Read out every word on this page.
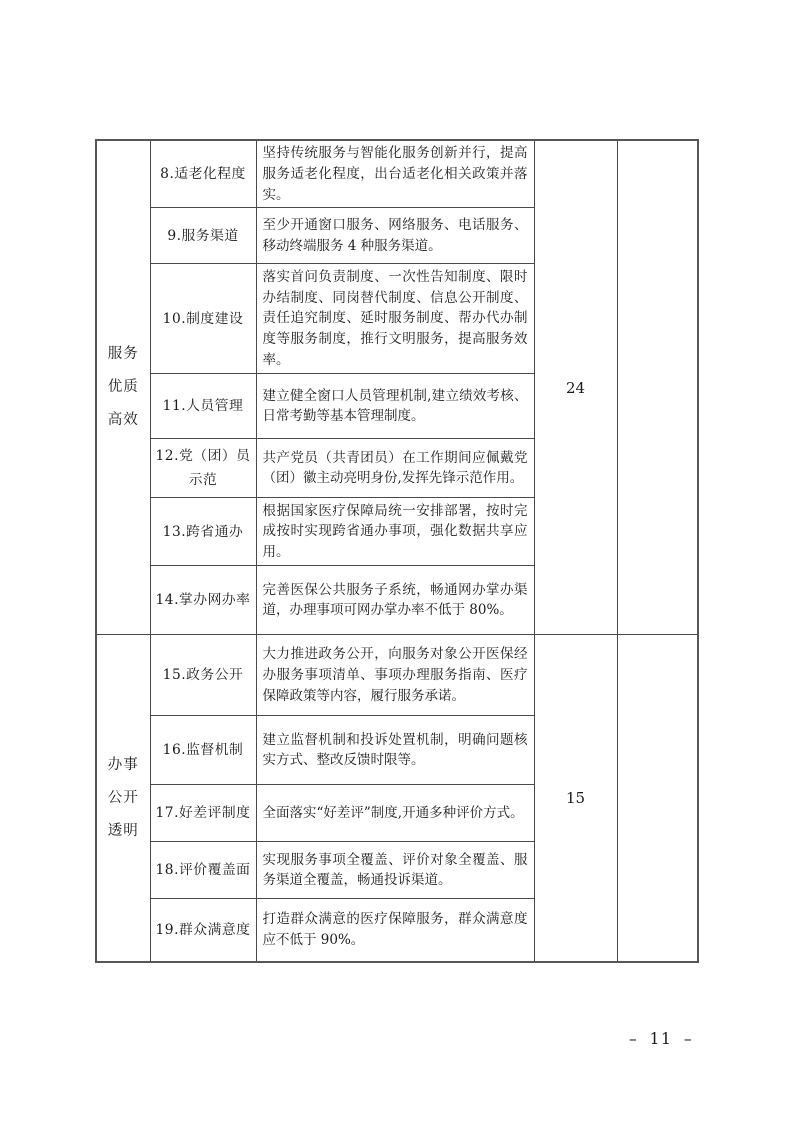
服务优质高效	8.适老化程度	坚持传统服务与智能化服务创新并行，提高服务适老化程度，出台适老化相关政策并落实。	24	
	9.服务渠道	至少开通窗口服务、网络服务、电话服务、移动终端服务 4 种服务渠道。		
	10.制度建设	落实首问负责制度、一次性告知制度、限时办结制度、同岗替代制度、信息公开制度、责任追究制度、延时服务制度、帮办代办制度等服务制度，推行文明服务，提高服务效率。		
	11.人员管理	建立健全窗口人员管理机制,建立绩效考核、日常考勤等基本管理制度。		
	12.党（团）员示范	共产党员（共青团员）在工作期间应佩戴党（团）徽主动亮明身份,发挥先锋示范作用。		
	13.跨省通办	根据国家医疗保障局统一安排部署，按时完成按时实现跨省通办事项，强化数据共享应用。		
	14.掌办网办率	完善医保公共服务子系统，畅通网办掌办渠道，办理事项可网办掌办率不低于 80%。		

办事公开透明	15.政务公开	大力推进政务公开，向服务对象公开医保经办服务事项清单、事项办理服务指南、医疗保障政策等内容，履行服务承诺。	15	
	16.监督机制	建立监督机制和投诉处置机制，明确问题核实方式、整改反馈时限等。		
	17.好差评制度	全面落实“好差评”制度,开通多种评价方式。		
	18.评价覆盖面	实现服务事项全覆盖、评价对象全覆盖、服务渠道全覆盖，畅通投诉渠道。		
	19.群众满意度	打造群众满意的医疗保障服务，群众满意度应不低于 90%。		
– 11 –
